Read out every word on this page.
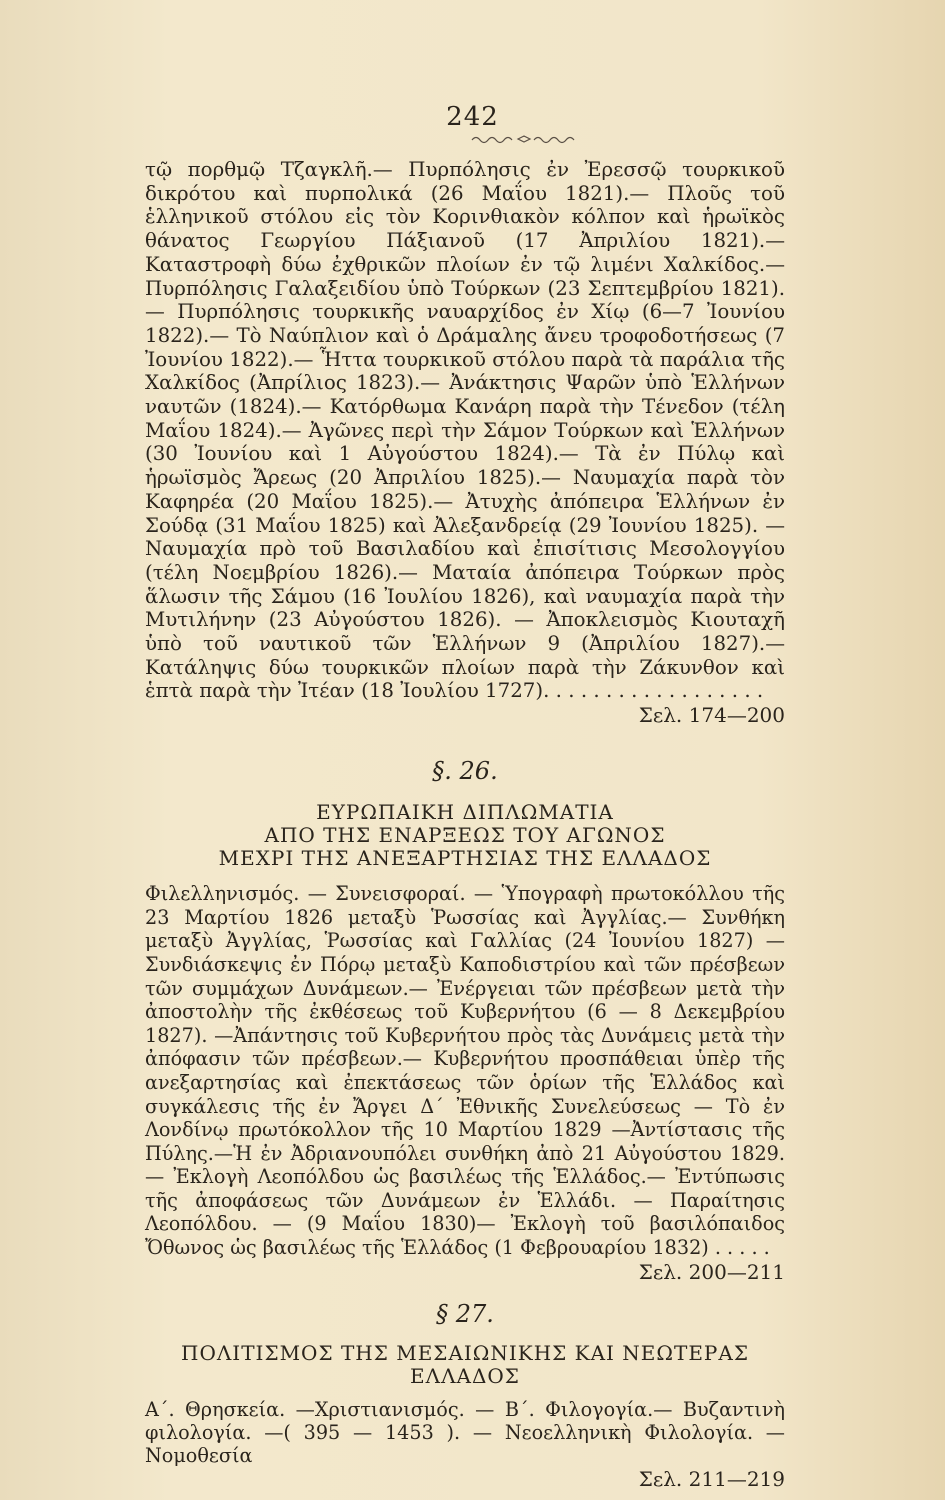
242

τῷ πορθμῷ Τζαγκλῆ.— Πυρπόλησις ἐν Ἐρεσσῷ τουρκικοῦ δικρότου καὶ πυρπολικά (26 Μαΐου 1821).— Πλοῦς τοῦ ἑλληνικοῦ στόλου εἰς τὸν Κορινθιακὸν κόλπον καὶ ἡρωϊκὸς θάνατος Γεωργίου Πάξιανοῦ (17 Ἀπριλίου 1821).— Καταστροφὴ δύω ἐχθρικῶν πλοίων ἐν τῷ λιμένι Χαλκίδος.— Πυρπόλησις Γαλαξειδίου ὑπὸ Τούρκων (23 Σεπτεμβρίου 1821).— Πυρπόλησις τουρκικῆς ναυαρχίδος ἐν Χίῳ (6—7 Ἰουνίου 1822).— Τὸ Ναύπλιον καὶ ὁ Δράμαλης ἄνευ τροφοδοτήσεως (7 Ἰουνίου 1822).— Ἧττα τουρκικοῦ στόλου παρὰ τὰ παράλια τῆς Χαλκίδος (Ἀπρίλιος 1823).— Ἀνάκτησις Ψαρῶν ὑπὸ Ἑλλήνων ναυτῶν (1824).— Κατόρθωμα Κανάρη παρὰ τὴν Τένεδον (τέλη Μαΐου 1824).— Ἀγῶνες περὶ τὴν Σάμον Τούρκων καὶ Ἑλλήνων (30 Ἰουνίου καὶ 1 Αὐγούστου 1824).— Τὰ ἐν Πύλῳ καὶ ἡρωϊσμὸς Ἄρεως (20 Ἀπριλίου 1825).— Ναυμαχία παρὰ τὸν Καφηρέα (20 Μαΐου 1825).— Ἀτυχὴς ἀπόπειρα Ἑλλήνων ἐν Σούδᾳ (31 Μαΐου 1825) καὶ Ἀλεξανδρείᾳ (29 Ἰουνίου 1825). — Ναυμαχία πρὸ τοῦ Βασιλαδίου καὶ ἐπισίτισις Μεσολογγίου (τέλη Νοεμβρίου 1826).— Ματαία ἀπόπειρα Τούρκων πρὸς ἅλωσιν τῆς Σάμου (16 Ἰουλίου 1826), καὶ ναυμαχία παρὰ τὴν Μυτιλήνην (23 Αὐγούστου 1826). — Ἀποκλεισμὸς Κιουταχῆ ὑπὸ τοῦ ναυτικοῦ τῶν Ἑλλήνων 9 (Ἀπριλίου 1827).— Κατάληψις δύω τουρκικῶν πλοίων παρὰ τὴν Ζάκυνθον καὶ ἑπτὰ παρὰ τὴν Ἰτέαν (18 Ἰουλίου 1727). . . . . . . . . . . . . . . . . .

Σελ. 174—200

§. 26.

ΕΥΡΩΠΑΙΚΗ ΔΙΠΛΩΜΑΤΙΑ

ΑΠΟ ΤΗΣ ΕΝΑΡΞΕΩΣ ΤΟΥ ΑΓΩΝΟΣ

ΜΕΧΡΙ ΤΗΣ ΑΝΕΞΑΡΤΗΣΙΑΣ ΤΗΣ ΕΛΛΑΔΟΣ

Φιλελληνισμός. — Συνεισφοραί. — Ὑπογραφὴ πρωτοκόλλου τῆς 23 Μαρτίου 1826 μεταξὺ Ῥωσσίας καὶ Ἀγγλίας.— Συνθήκη μεταξὺ Ἀγγλίας, Ῥωσσίας καὶ Γαλλίας (24 Ἰουνίου 1827) — Συνδιάσκεψις ἐν Πόρῳ μεταξὺ Καποδιστρίου καὶ τῶν πρέσβεων τῶν συμμάχων Δυνάμεων.— Ἐνέργειαι τῶν πρέσβεων μετὰ τὴν ἀποστολὴν τῆς ἐκθέσεως τοῦ Κυβερνήτου (6 — 8 Δεκεμβρίου 1827). —Ἀπάντησις τοῦ Κυβερνήτου πρὸς τὰς Δυνάμεις μετὰ τὴν ἀπόφασιν τῶν πρέσβεων.— Κυβερνήτου προσπάθειαι ὑπὲρ τῆς ανεξαρτησίας καὶ ἐπεκτάσεως τῶν ὁρίων τῆς Ἑλλάδος καὶ συγκάλεσις τῆς ἐν Ἄργει Δ΄ Ἐθνικῆς Συνελεύσεως — Τὸ ἐν Λονδίνῳ πρωτόκολλον τῆς 10 Μαρτίου 1829 —Ἀντίστασις τῆς Πύλης.—Ἡ ἐν Ἀδριανουπόλει συνθήκη ἀπὸ 21 Αὐγούστου 1829. — Ἐκλογὴ Λεοπόλδου ὡς βασιλέως τῆς Ἑλλάδος.— Ἐντύπωσις τῆς ἀποφάσεως τῶν Δυνάμεων ἐν Ἑλλάδι. — Παραίτησις Λεοπόλδου. — (9 Μαΐου 1830)— Ἐκλογὴ τοῦ βασιλόπαιδος Ὄθωνος ὡς βασιλέως τῆς Ἑλλάδος (1 Φεβρουαρίου 1832) . . . . .

Σελ. 200—211

§ 27.

ΠΟΛΙΤΙΣΜΟΣ ΤΗΣ ΜΕΣΑΙΩΝΙΚΗΣ ΚΑΙ ΝΕΩΤΕΡΑΣ ΕΛΛΑΔΟΣ

Α΄. Θρησκεία. —Χριστιανισμός. — Β΄. Φιλογογία.— Βυζαντινὴ φιλολογία. —( 395 — 1453 ). — Νεοελληνικὴ Φιλολογία. — Νομοθεσία

Σελ. 211—219
